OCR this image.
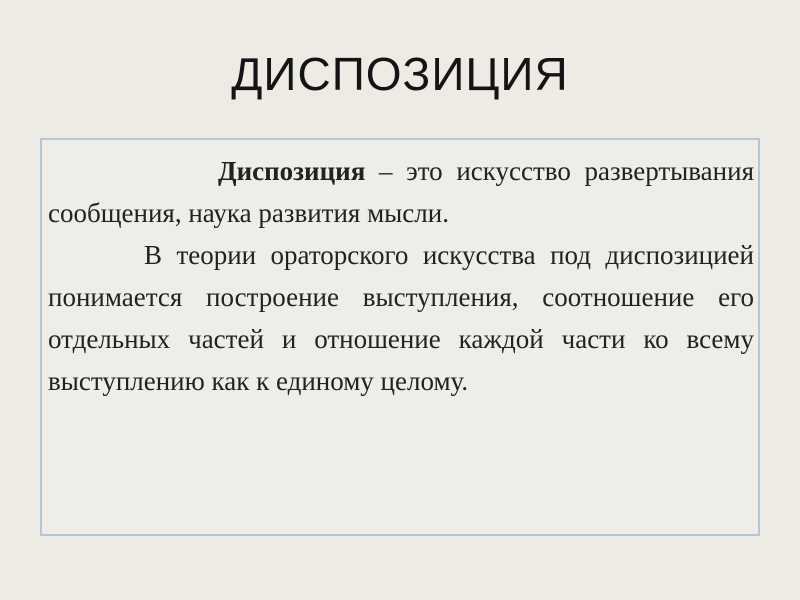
ДИСПОЗИЦИЯ

Диспозиция – это искусство развертывания сообщения, наука развития мысли.

В теории ораторского искусства под диспозицией понимается построение выступления, соотношение его отдельных частей и отношение каждой части ко всему выступлению как к единому целому.
